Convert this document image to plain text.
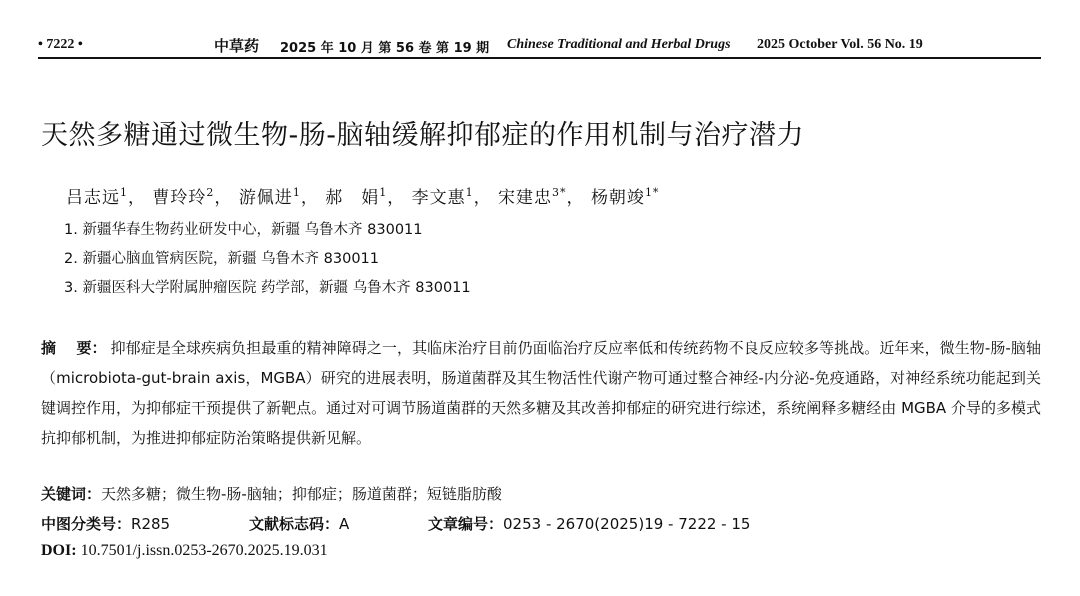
• 7222 •	中草药 2025 年 10 月 第 56 卷 第 19 期 Chinese Traditional and Herbal Drugs 2025 October Vol. 56 No. 19
天然多糖通过微生物-肠-脑轴缓解抑郁症的作用机制与治疗潜力
吕志远$^1$， 曹玲玲$^2$， 游佩进$^1$， 郝　娟$^1$， 李文惠$^1$， 宋建忠$^{3*}$， 杨朝竣$^{1*}$
1. 新疆华春生物药业研发中心，新疆 乌鲁木齐 830011
2. 新疆心脑血管病医院，新疆 乌鲁木齐 830011
3. 新疆医科大学附属肿瘤医院 药学部，新疆 乌鲁木齐 830011
摘　 要： 抑郁症是全球疾病负担最重的精神障碍之一，其临床治疗目前仍面临治疗反应率低和传统药物不良反应较多等挑战。近年来，微生物-肠-脑轴（microbiota-gut-brain axis，MGBA）研究的进展表明，肠道菌群及其生物活性代谢产物可通过整合神经-内分泌-免疫通路，对神经系统功能起到关键调控作用，为抑郁症干预提供了新靶点。通过对可调节肠道菌群的天然多糖及其改善抑郁症的研究进行综述，系统阐释多糖经由 MGBA 介导的多模式抗抑郁机制，为推进抑郁症防治策略提供新见解。
关键词：天然多糖；微生物-肠-脑轴；抑郁症；肠道菌群；短链脂肪酸
中图分类号：R285	文献标志码：A	文章编号：0253 - 2670(2025)19 - 7222 - 15
DOI: 10.7501/j.issn.0253-2670.2025.19.031
